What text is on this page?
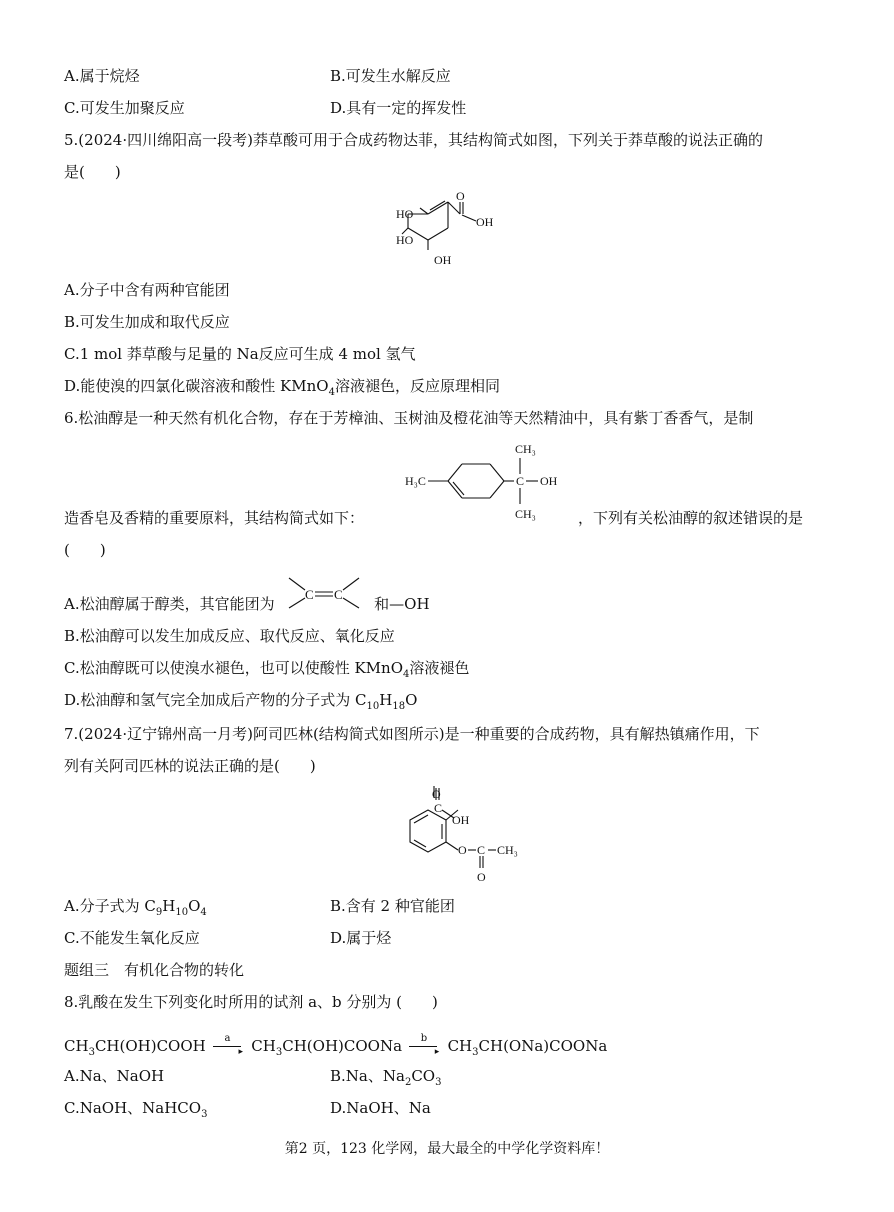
A.属于烷烃	B.可发生水解反应
C.可发生加聚反应	D.具有一定的挥发性
5.(2024·四川绵阳高一段考)莽草酸可用于合成药物达菲，其结构简式如图，下列关于莽草酸的说法正确的
是(　　)
O
OH
HO
HO
OH
A.分子中含有两种官能团
B.可发生加成和取代反应
C.1 mol 莽草酸与足量的 Na反应可生成 4 mol 氢气
D.能使溴的四氯化碳溶液和酸性 KMnO$_4$溶液褪色，反应原理相同
6.松油醇是一种天然有机化合物，存在于芳樟油、玉树油及橙花油等天然精油中，具有紫丁香香气，是制
H₃C
CH₃
C OH
CH₃
造香皂及香精的重要原料，其结构简式如下：	，下列有关松油醇的叙述错误的是
(　　)
A.松油醇属于醇类，其官能团为
C C
和—OH
B.松油醇可以发生加成反应、取代反应、氧化反应
C.松油醇既可以使溴水褪色，也可以使酸性 KMnO$_4$溶液褪色
D.松油醇和氢气完全加成后产物的分子式为 $C_{10}H_{18}O$
7.(2024·辽宁锦州高一月考)阿司匹林(结构简式如图所示)是一种重要的合成药物，具有解热镇痛作用，下
列有关阿司匹林的说法正确的是(　　)
O
C
OH
O C CH₃
O
A.分子式为 $C_9H_{10}O_4$	B.含有 2 种官能团
C.不能发生氧化反应	D.属于烃
题组三　有机化合物的转化
8.乳酸在发生下列变化时所用的试剂 a、b 分别为 (　　)
$CH_3CH(OH)COOH$ a
▸ $CH_3CH(OH)COONa$ b
▸ $CH_3CH(ONa)COONa$
A.Na、NaOH	B.Na、$Na_2CO_3$
C.NaOH、NaHCO$_3$	D.NaOH、Na
第2 页，123 化学网，最大最全的中学化学资料库！
